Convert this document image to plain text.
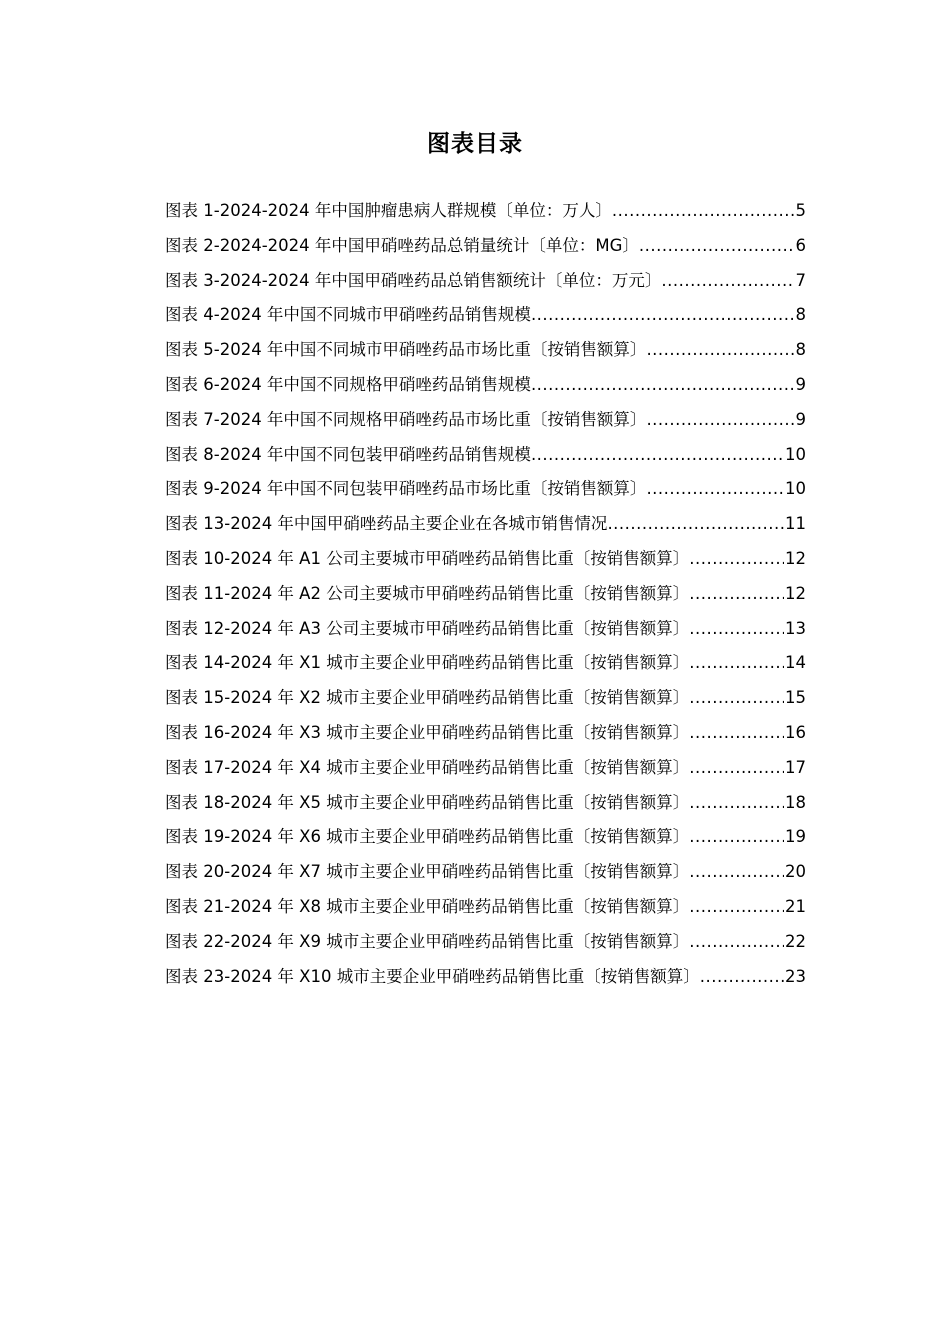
图表目录
图表 1-2024-2024 年中国肿瘤患病人群规模〔单位：万人〕 .....	5
图表 2-2024-2024 年中国甲硝唑药品总销量统计〔单位：MG〕 .....	6
图表 3-2024-2024 年中国甲硝唑药品总销售额统计〔单位：万元〕 .....	7
图表 4-2024 年中国不同城市甲硝唑药品销售规模 .....	8
图表 5-2024 年中国不同城市甲硝唑药品市场比重〔按销售额算〕 .....	8
图表 6-2024 年中国不同规格甲硝唑药品销售规模 .....	9
图表 7-2024 年中国不同规格甲硝唑药品市场比重〔按销售额算〕 .....	9
图表 8-2024 年中国不同包装甲硝唑药品销售规模 .....	10
图表 9-2024 年中国不同包装甲硝唑药品市场比重〔按销售额算〕 .....	10
图表 13-2024 年中国甲硝唑药品主要企业在各城市销售情况 .....	11
图表 10-2024 年 A1 公司主要城市甲硝唑药品销售比重〔按销售额算〕 .....	12
图表 11-2024 年 A2 公司主要城市甲硝唑药品销售比重〔按销售额算〕 .....	12
图表 12-2024 年 A3 公司主要城市甲硝唑药品销售比重〔按销售额算〕 .....	13
图表 14-2024 年 X1 城市主要企业甲硝唑药品销售比重〔按销售额算〕 .....	14
图表 15-2024 年 X2 城市主要企业甲硝唑药品销售比重〔按销售额算〕 .....	15
图表 16-2024 年 X3 城市主要企业甲硝唑药品销售比重〔按销售额算〕 .....	16
图表 17-2024 年 X4 城市主要企业甲硝唑药品销售比重〔按销售额算〕 .....	17
图表 18-2024 年 X5 城市主要企业甲硝唑药品销售比重〔按销售额算〕 .....	18
图表 19-2024 年 X6 城市主要企业甲硝唑药品销售比重〔按销售额算〕 .....	19
图表 20-2024 年 X7 城市主要企业甲硝唑药品销售比重〔按销售额算〕 .....	20
图表 21-2024 年 X8 城市主要企业甲硝唑药品销售比重〔按销售额算〕 .....	21
图表 22-2024 年 X9 城市主要企业甲硝唑药品销售比重〔按销售额算〕 .....	22
图表 23-2024 年 X10 城市主要企业甲硝唑药品销售比重〔按销售额算〕 .....	23
